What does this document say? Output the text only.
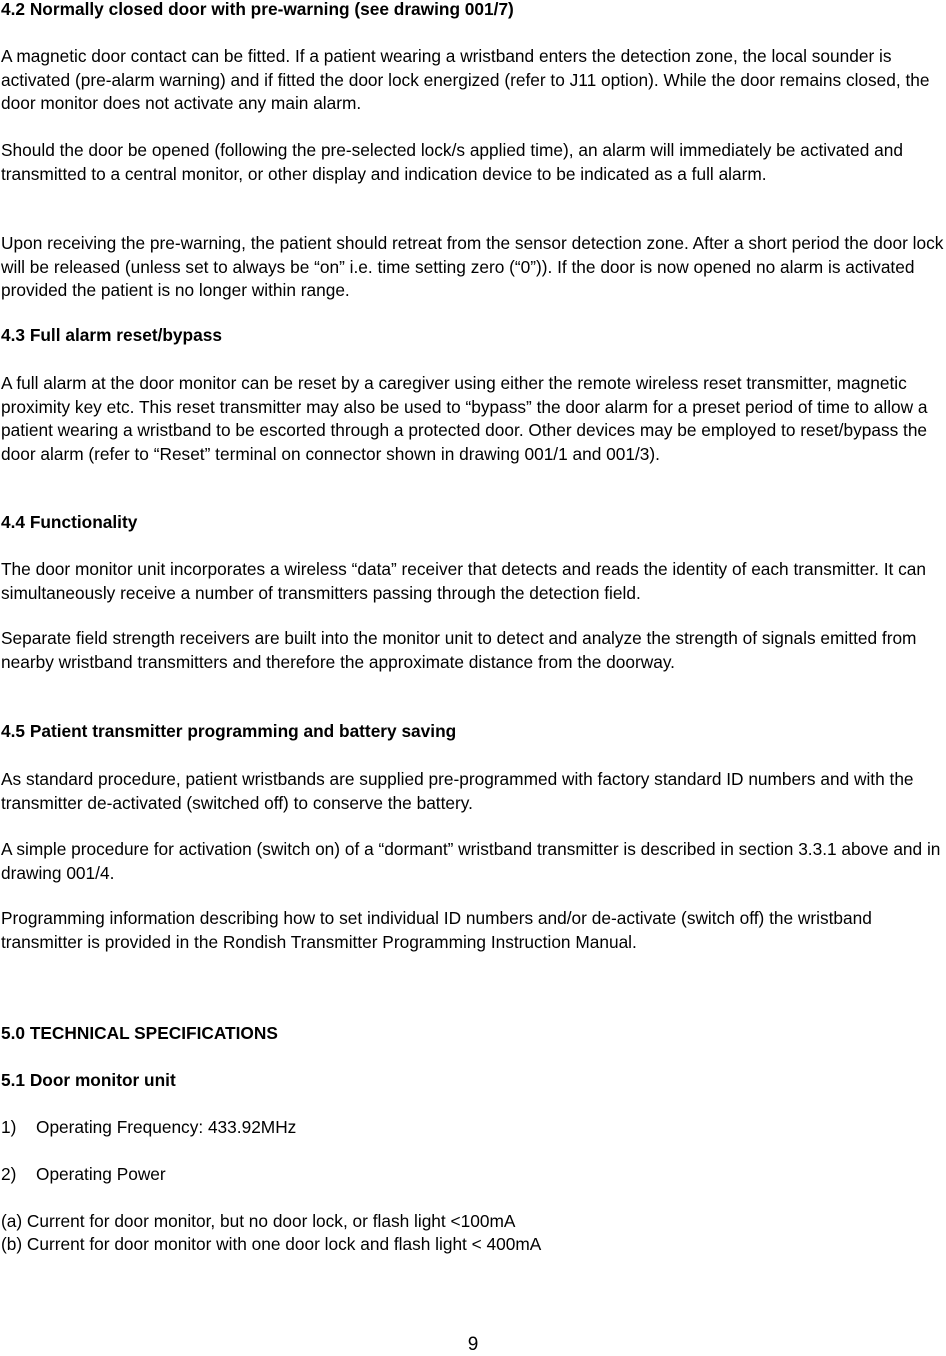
4.2 Normally closed door with pre-warning (see drawing 001/7)

A magnetic door contact can be fitted. If a patient wearing a wristband enters the detection zone, the local sounder is activated (pre-alarm warning) and if fitted the door lock energized (refer to J11 option). While the door remains closed, the door monitor does not activate any main alarm.

Should the door be opened (following the pre-selected lock/s applied time), an alarm will immediately be activated and transmitted to a central monitor, or other display and indication device to be indicated as a full alarm.

Upon receiving the pre-warning, the patient should retreat from the sensor detection zone. After a short period the door lock will be released (unless set to always be “on” i.e. time setting zero (“0”)). If the door is now opened no alarm is activated provided the patient is no longer within range.

4.3 Full alarm reset/bypass

A full alarm at the door monitor can be reset by a caregiver using either the remote wireless reset transmitter, magnetic proximity key etc. This reset transmitter may also be used to “bypass” the door alarm for a preset period of time to allow a patient wearing a wristband to be escorted through a protected door. Other devices may be employed to reset/bypass the door alarm (refer to “Reset” terminal on connector shown in drawing 001/1 and 001/3).

4.4 Functionality

The door monitor unit incorporates a wireless “data” receiver that detects and reads the identity of each transmitter. It can simultaneously receive a number of transmitters passing through the detection field.

Separate field strength receivers are built into the monitor unit to detect and analyze the strength of signals emitted from nearby wristband transmitters and therefore the approximate distance from the doorway.

4.5 Patient transmitter programming and battery saving

As standard procedure, patient wristbands are supplied pre-programmed with factory standard ID numbers and with the transmitter de-activated (switched off) to conserve the battery.

A simple procedure for activation (switch on) of a “dormant” wristband transmitter is described in section 3.3.1 above and in drawing 001/4.

Programming information describing how to set individual ID numbers and/or de-activate (switch off) the wristband transmitter is provided in the Rondish Transmitter Programming Instruction Manual.

5.0 TECHNICAL SPECIFICATIONS
5.1 Door monitor unit
1) Operating Frequency: 433.92MHz
2) Operating Power

(a) Current for door monitor, but no door lock, or flash light <100mA

(b) Current for door monitor with one door lock and flash light < 400mA

9
